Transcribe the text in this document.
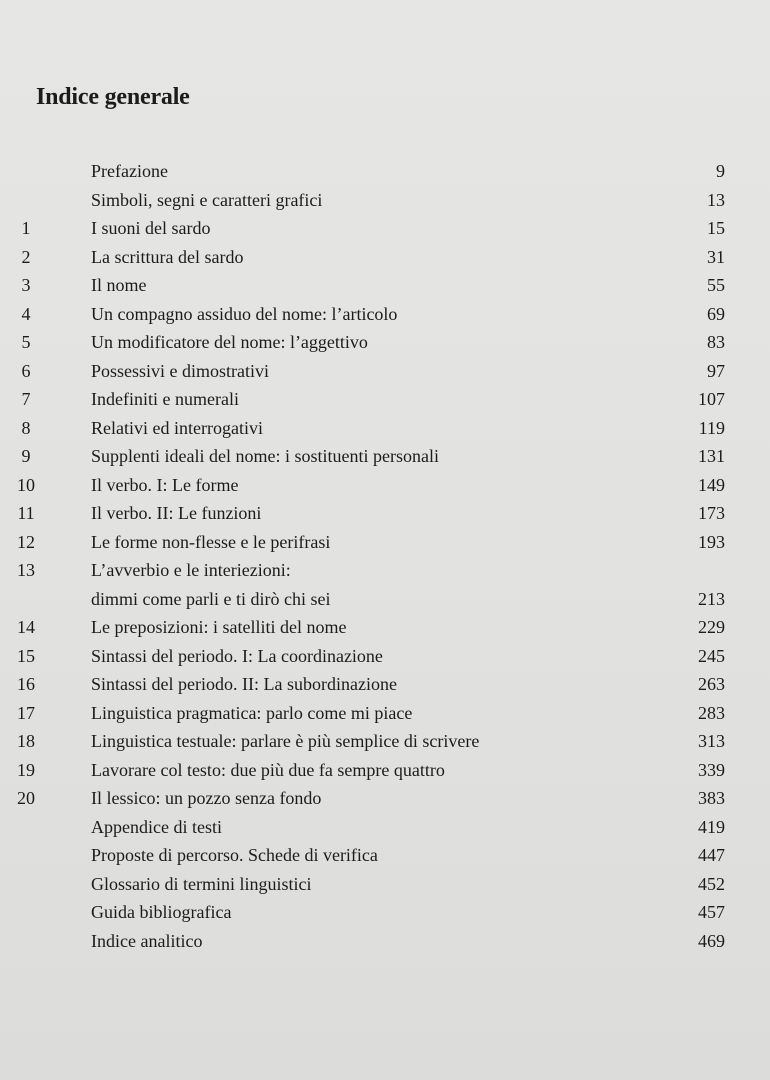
Indice generale
Prefazione	9
Simboli, segni e caratteri grafici	13
1	I suoni del sardo	15
2	La scrittura del sardo	31
3	Il nome	55
4	Un compagno assiduo del nome: l’articolo	69
5	Un modificatore del nome: l’aggettivo	83
6	Possessivi e dimostrativi	97
7	Indefiniti e numerali	107
8	Relativi ed interrogativi	119
9	Supplenti ideali del nome: i sostituenti personali	131
10	Il verbo. I: Le forme	149
11	Il verbo. II: Le funzioni	173
12	Le forme non-flesse e le perifrasi	193
13	L’avverbio e le interiezioni:
dimmi come parli e ti dirò chi sei	213
14	Le preposizioni: i satelliti del nome	229
15	Sintassi del periodo. I: La coordinazione	245
16	Sintassi del periodo. II: La subordinazione	263
17	Linguistica pragmatica: parlo come mi piace	283
18	Linguistica testuale: parlare è più semplice di scrivere	313
19	Lavorare col testo: due più due fa sempre quattro	339
20	Il lessico: un pozzo senza fondo	383
Appendice di testi	419
Proposte di percorso. Schede di verifica	447
Glossario di termini linguistici	452
Guida bibliografica	457
Indice analitico	469
